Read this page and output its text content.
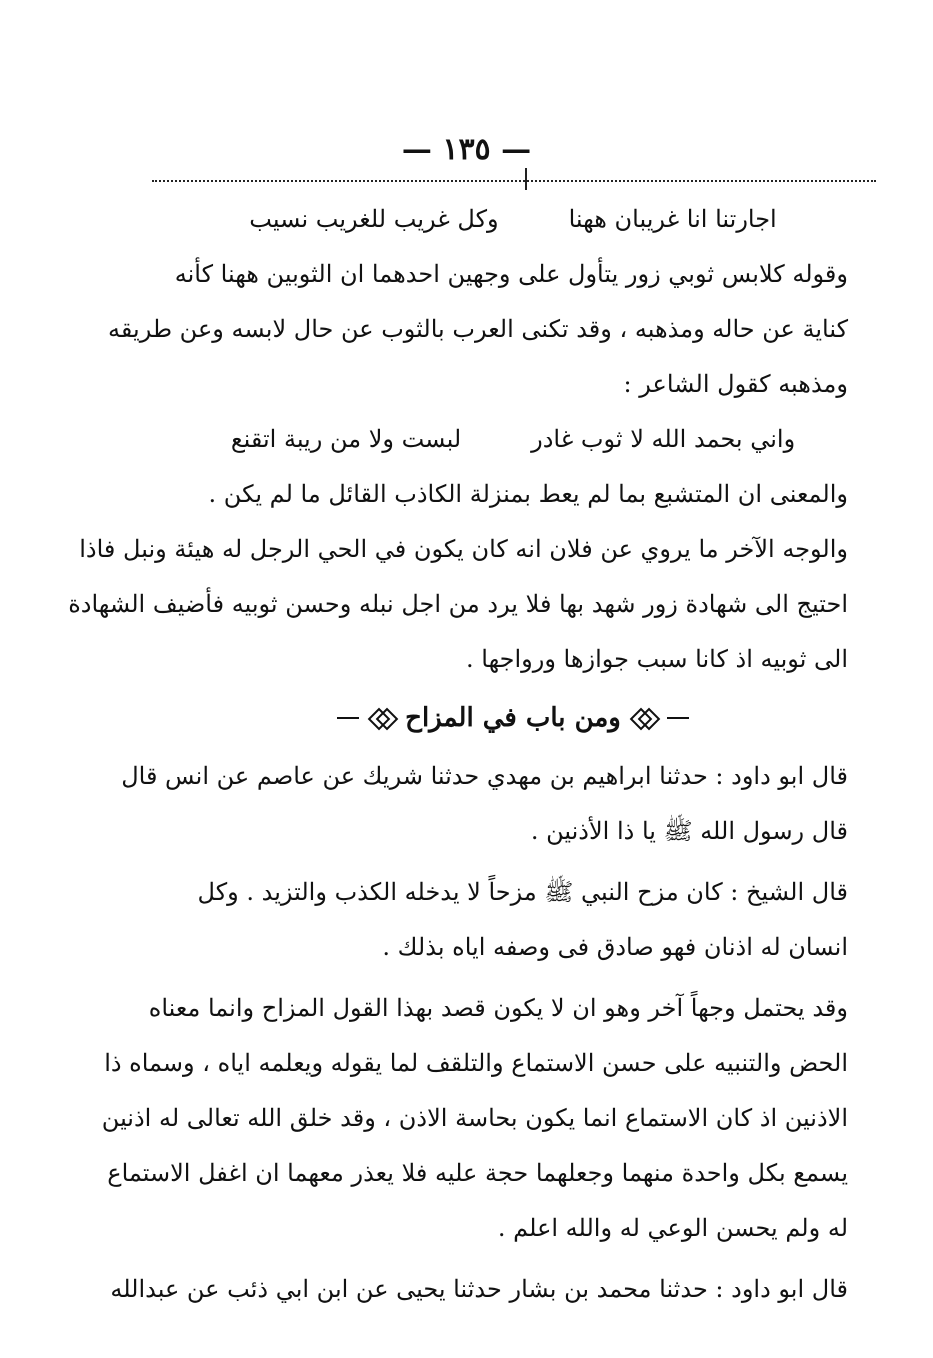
— ١٣٥ —
اجارتنا انا غريبان ههنا
وكل غريب للغريب نسيب
وقوله كلابس ثوبي زور يتأول على وجهين احدهما ان الثوبين ههنا كأنه
كناية عن حاله ومذهبه ، وقد تكنى العرب بالثوب عن حال لابسه وعن طريقه
ومذهبه كقول الشاعر :
واني بحمد الله لا ثوب غادر
لبست ولا من ريبة اتقنع
والمعنى ان المتشبع بما لم يعط بمنزلة الكاذب القائل ما لم يكن .
والوجه الآخر ما يروي عن فلان انه كان يكون في الحي الرجل له هيئة ونبل فاذا
احتيج الى شهادة زور شهد بها فلا يرد من اجل نبله وحسن ثوبيه فأضيف الشهادة
الى ثوبيه اذ كانا سبب جوازها ورواجها .
ومن باب في المزاح
قال ابو داود : حدثنا ابراهيم بن مهدي حدثنا شريك عن عاصم عن انس قال
قال رسول الله ﷺ يا ذا الأذنين .
قال الشيخ : كان مزح النبي ﷺ مزحاً لا يدخله الكذب والتزيد . وكل
انسان له اذنان فهو صادق فى وصفه اياه بذلك .
وقد يحتمل وجهاً آخر وهو ان لا يكون قصد بهذا القول المزاح وانما معناه
الحض والتنبيه على حسن الاستماع والتلقف لما يقوله ويعلمه اياه ، وسماه ذا
الاذنين اذ كان الاستماع انما يكون بحاسة الاذن ، وقد خلق الله تعالى له اذنين
يسمع بكل واحدة منهما وجعلهما حجة عليه فلا يعذر معهما ان اغفل الاستماع
له ولم يحسن الوعي له والله اعلم .
قال ابو داود : حدثنا محمد بن بشار حدثنا يحيى عن ابن ابي ذئب عن عبدالله
